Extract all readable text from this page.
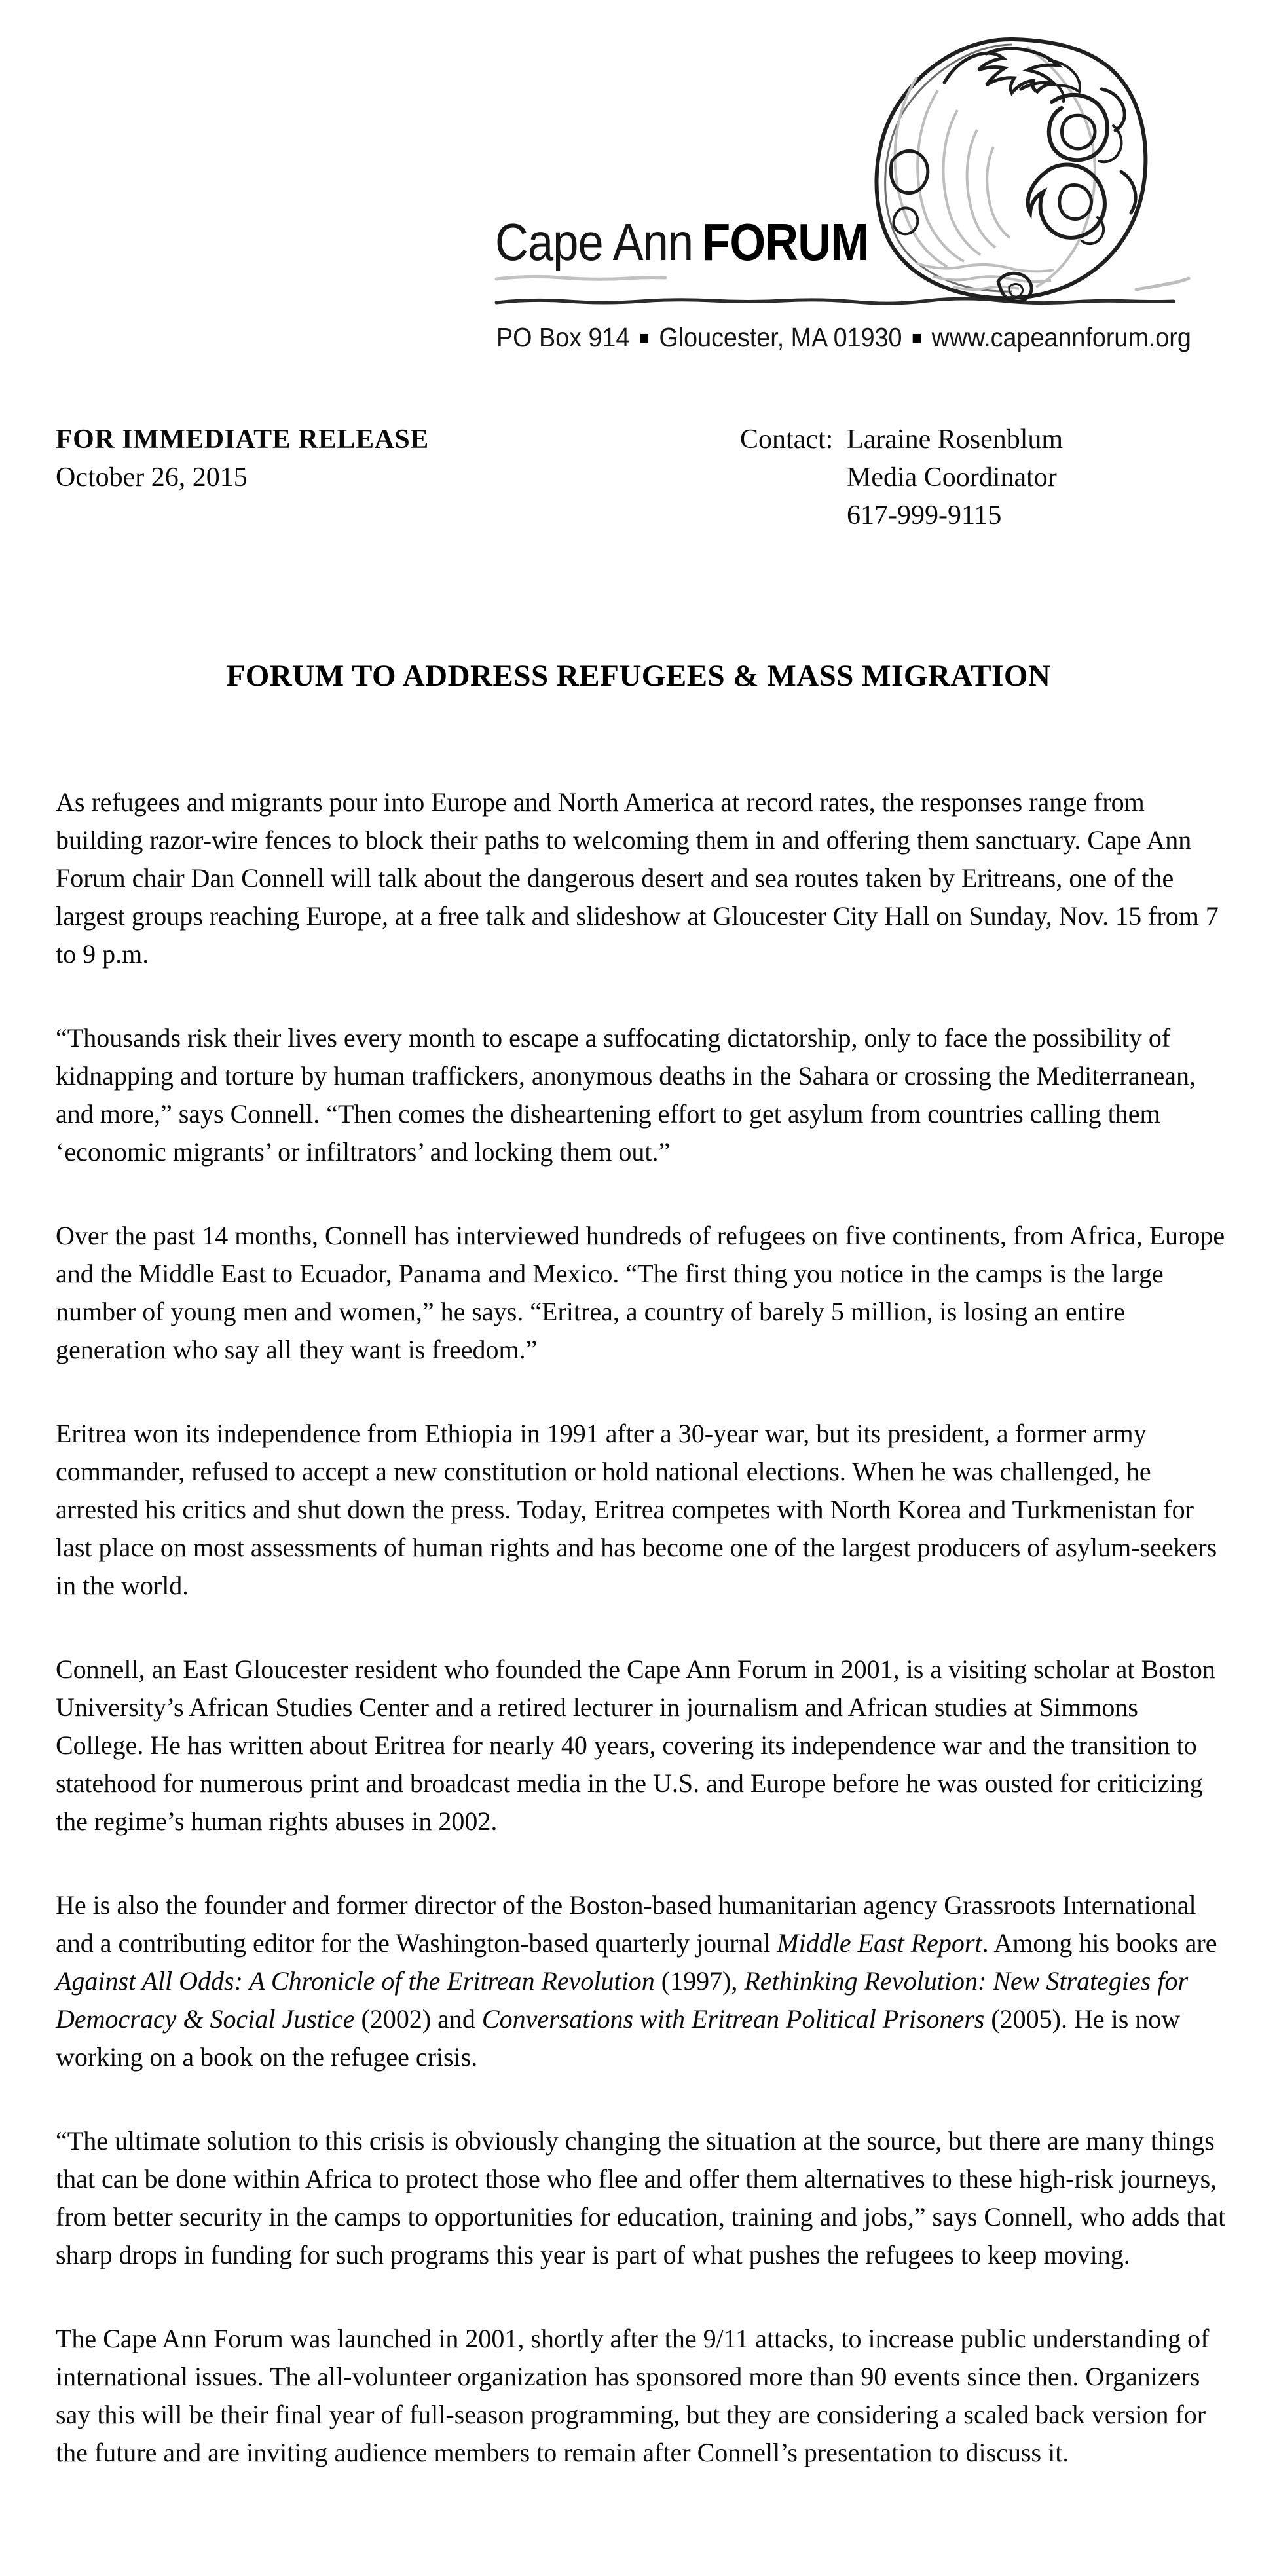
Cape Ann FORUM
PO Box 914 ■ Gloucester, MA 01930 ■ www.capeannforum.org
FOR IMMEDIATE RELEASE
October 26, 2015
Contact: Laraine Rosenblum
Media Coordinator
617-999-9115
FORUM TO ADDRESS REFUGEES & MASS MIGRATION

As refugees and migrants pour into Europe and North America at record rates, the responses range from building razor-wire fences to block their paths to welcoming them in and offering them sanctuary. Cape Ann Forum chair Dan Connell will talk about the dangerous desert and sea routes taken by Eritreans, one of the largest groups reaching Europe, at a free talk and slideshow at Gloucester City Hall on Sunday, Nov. 15 from 7 to 9 p.m.

“Thousands risk their lives every month to escape a suffocating dictatorship, only to face the possibility of kidnapping and torture by human traffickers, anonymous deaths in the Sahara or crossing the Mediterranean, and more,” says Connell. “Then comes the disheartening effort to get asylum from countries calling them ‘economic migrants’ or infiltrators’ and locking them out.”

Over the past 14 months, Connell has interviewed hundreds of refugees on five continents, from Africa, Europe and the Middle East to Ecuador, Panama and Mexico. “The first thing you notice in the camps is the large number of young men and women,” he says. “Eritrea, a country of barely 5 million, is losing an entire generation who say all they want is freedom.”

Eritrea won its independence from Ethiopia in 1991 after a 30-year war, but its president, a former army commander, refused to accept a new constitution or hold national elections. When he was challenged, he arrested his critics and shut down the press. Today, Eritrea competes with North Korea and Turkmenistan for last place on most assessments of human rights and has become one of the largest producers of asylum-seekers in the world.

Connell, an East Gloucester resident who founded the Cape Ann Forum in 2001, is a visiting scholar at Boston University’s African Studies Center and a retired lecturer in journalism and African studies at Simmons College. He has written about Eritrea for nearly 40 years, covering its independence war and the transition to statehood for numerous print and broadcast media in the U.S. and Europe before he was ousted for criticizing the regime’s human rights abuses in 2002.

He is also the founder and former director of the Boston-based humanitarian agency Grassroots International and a contributing editor for the Washington-based quarterly journal Middle East Report. Among his books are Against All Odds: A Chronicle of the Eritrean Revolution (1997), Rethinking Revolution: New Strategies for Democracy & Social Justice (2002) and Conversations with Eritrean Political Prisoners (2005). He is now working on a book on the refugee crisis.

“The ultimate solution to this crisis is obviously changing the situation at the source, but there are many things that can be done within Africa to protect those who flee and offer them alternatives to these high-risk journeys, from better security in the camps to opportunities for education, training and jobs,” says Connell, who adds that sharp drops in funding for such programs this year is part of what pushes the refugees to keep moving.

The Cape Ann Forum was launched in 2001, shortly after the 9/11 attacks, to increase public understanding of international issues. The all-volunteer organization has sponsored more than 90 events since then. Organizers say this will be their final year of full-season programming, but they are considering a scaled back version for the future and are inviting audience members to remain after Connell’s presentation to discuss it.
